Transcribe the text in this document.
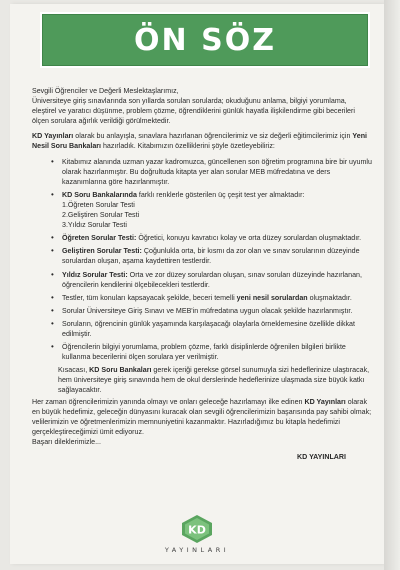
ÖN SÖZ

Sevgili Öğrenciler ve Değerli Meslektaşlarımız,

Üniversiteye giriş sınavlarında son yıllarda sorulan sorularda; okuduğunu anlama, bilgiyi yorumlama, eleştirel ve yaratıcı düşünme, problem çözme, öğrendiklerini günlük hayatla ilişkilendirme gibi becerileri ölçen sorulara ağırlık verildiği görülmektedir.

KD Yayınları olarak bu anlayışla, sınavlara hazırlanan öğrencilerimiz ve siz değerli eğitimcilerimiz için Yeni Nesil Soru Bankaları hazırladık. Kitabımızın özelliklerini şöyle özetleyebiliriz:

• Kitabımız alanında uzman yazar kadromuzca, güncellenen son öğretim programına bire bir uyumlu olarak hazırlanmıştır. Bu doğrultuda kitapta yer alan sorular MEB müfredatına ve ders kazanımlarına göre hazırlanmıştır.
• KD Soru Bankalarında farklı renklerle gösterilen üç çeşit test yer almaktadır:
1.Öğreten Sorular Testi
2.Geliştiren Sorular Testi
3.Yıldız Sorular Testi
• Öğreten Sorular Testi: Öğretici, konuyu kavratıcı kolay ve orta düzey sorulardan oluşmaktadır.
• Geliştiren Sorular Testi: Çoğunlukla orta, bir kısmı da zor olan ve sınav sorularının düzeyinde sorulardan oluşan, aşama kaydettiren testlerdir.
• Yıldız Sorular Testi: Orta ve zor düzey sorulardan oluşan, sınav soruları düzeyinde hazırlanan, öğrencilerin kendilerini ölçebilecekleri testlerdir.
• Testler, tüm konuları kapsayacak şekilde, beceri temelli yeni nesil sorulardan oluşmaktadır.
• Sorular Üniversiteye Giriş Sınavı ve MEB'in müfredatına uygun olacak şekilde hazırlanmıştır.
• Soruların, öğrencinin günlük yaşamında karşılaşacağı olaylarla örneklemesine özellikle dikkat edilmiştir.
• Öğrencilerin bilgiyi yorumlama, problem çözme, farklı disiplinlerde öğrenilen bilgileri birlikte kullanma becerilerini ölçen sorulara yer verilmiştir.

Kısacası, KD Soru Bankaları gerek içeriği gerekse görsel sunumuyla sizi hedeflerinize ulaştıracak, hem üniversiteye giriş sınavında hem de okul derslerinde hedeflerinize ulaşmada size büyük katkı sağlayacaktır.

Her zaman öğrencilerimizin yanında olmayı ve onları geleceğe hazırlamayı ilke edinen KD Yayınları olarak en büyük hedefimiz, geleceğin dünyasını kuracak olan sevgili öğrencilerimizin başarısında pay sahibi olmak; velilerimizin ve öğretmenlerimizin memnuniyetini kazanmaktır. Hazırladığımız bu kitapla hedefimizi gerçekleştireceğimizi ümit ediyoruz.

Başarı dileklerimizle...

KD YAYINLARI
KD
YAYINLARI
